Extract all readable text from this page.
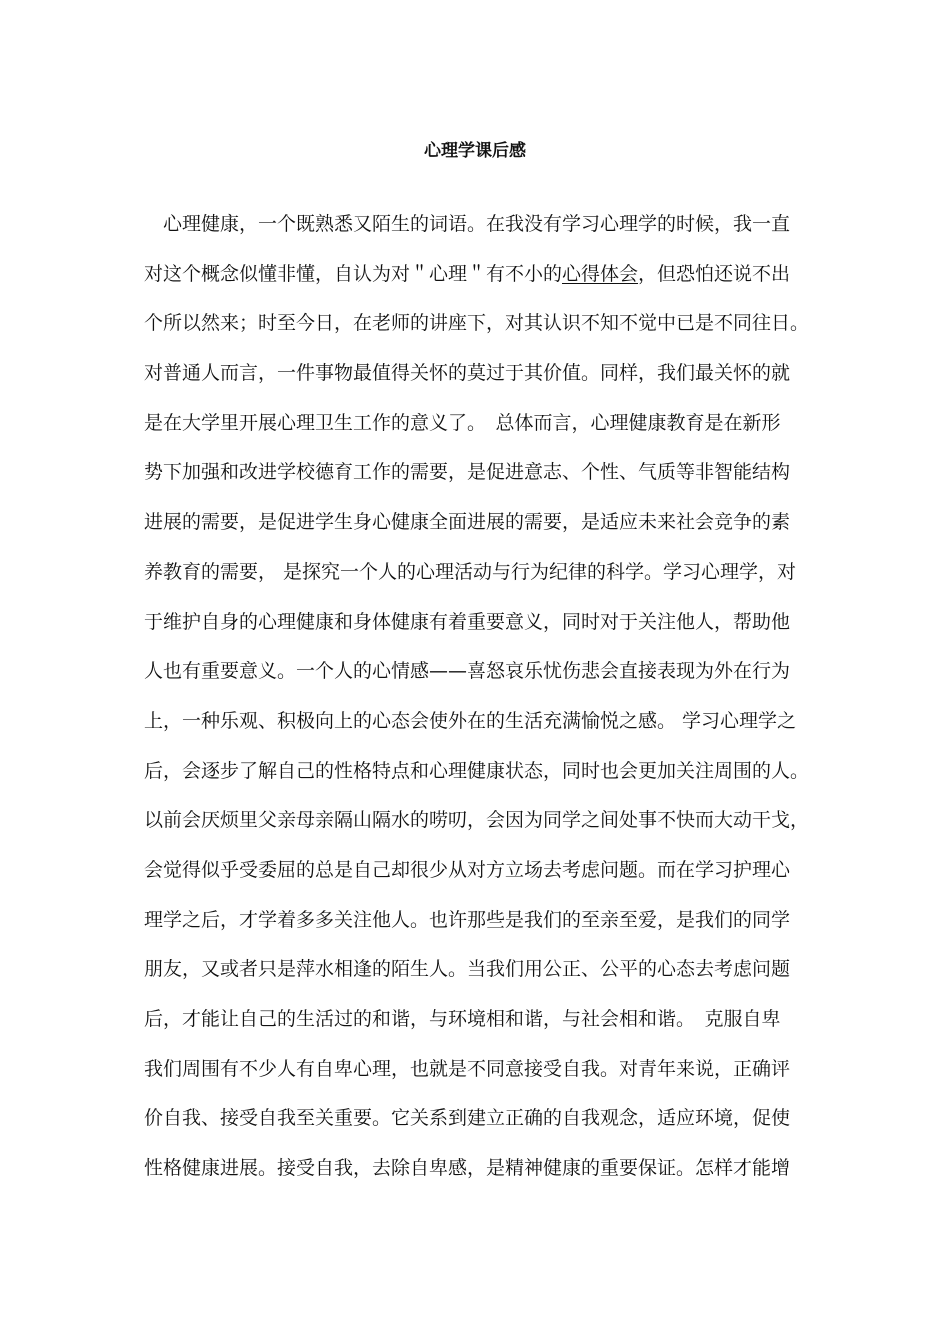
心理学课后感
　心理健康，一个既熟悉又陌生的词语。在我没有学习心理学的时候，我一直
对这个概念似懂非懂，自认为对＂心理＂有不小的心得体会，但恐怕还说不出
个所以然来；时至今日，在老师的讲座下，对其认识不知不觉中已是不同往日。
对普通人而言，一件事物最值得关怀的莫过于其价值。同样，我们最关怀的就
是在大学里开展心理卫生工作的意义了。　总体而言，心理健康教育是在新形
势下加强和改进学校德育工作的需要，是促进意志、个性、气质等非智能结构
进展的需要，是促进学生身心健康全面进展的需要，是适应未来社会竞争的素
养教育的需要， 是探究一个人的心理活动与行为纪律的科学。学习心理学，对
于维护自身的心理健康和身体健康有着重要意义，同时对于关注他人，帮助他
人也有重要意义。一个人的心情感——喜怒哀乐忧伤悲会直接表现为外在行为
上，一种乐观、积极向上的心态会使外在的生活充满愉悦之感。 学习心理学之
后，会逐步了解自己的性格特点和心理健康状态，同时也会更加关注周围的人。
以前会厌烦里父亲母亲隔山隔水的唠叨，会因为同学之间处事不快而大动干戈，
会觉得似乎受委屈的总是自己却很少从对方立场去考虑问题。而在学习护理心
理学之后，才学着多多关注他人。也许那些是我们的至亲至爱，是我们的同学
朋友，又或者只是萍水相逢的陌生人。当我们用公正、公平的心态去考虑问题
后，才能让自己的生活过的和谐，与环境相和谐，与社会相和谐。　克服自卑
我们周围有不少人有自卑心理，也就是不同意接受自我。对青年来说，正确评
价自我、接受自我至关重要。它关系到建立正确的自我观念，适应环境，促使
性格健康进展。接受自我，去除自卑感，是精神健康的重要保证。怎样才能增
